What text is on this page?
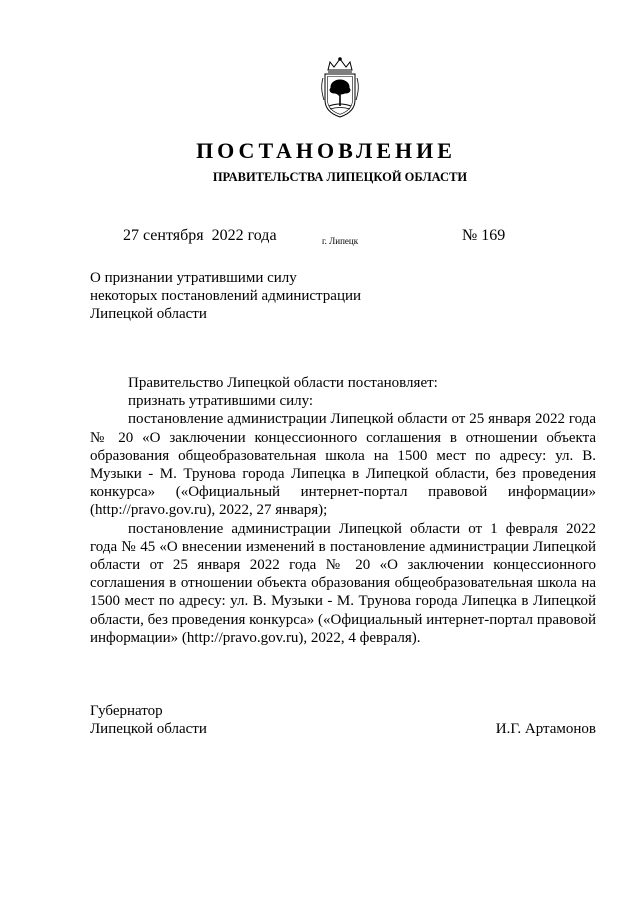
ПОСТАНОВЛЕНИЕ
ПРАВИТЕЛЬСТВА ЛИПЕЦКОЙ ОБЛАСТИ
27 сентября  2022 года	г. Липецк	№ 169
О признании утратившими силу
некоторых постановлений администрации
Липецкой области

Правительство Липецкой области постановляет:

признать утратившими силу:

постановление администрации Липецкой области от 25 января 2022 года № 20 «О заключении концессионного соглашения в отношении объекта образования общеобразовательная школа на 1500 мест по адресу: ул. В. Музыки - М. Трунова города Липецка в Липецкой области, без проведения конкурса» («Официальный интернет-портал правовой информации» (http://pravo.gov.ru), 2022, 27 января);

постановление администрации Липецкой области от 1 февраля 2022 года № 45 «О внесении изменений в постановление администрации Липецкой области от 25 января 2022 года № 20 «О заключении концессионного соглашения в отношении объекта образования общеобразовательная школа на 1500 мест по адресу: ул. В. Музыки - М. Трунова города Липецка в Липецкой области, без проведения конкурса» («Официальный интернет-портал правовой информации» (http://pravo.gov.ru), 2022, 4 февраля).

Губернатор
Липецкой области	И.Г. Артамонов
